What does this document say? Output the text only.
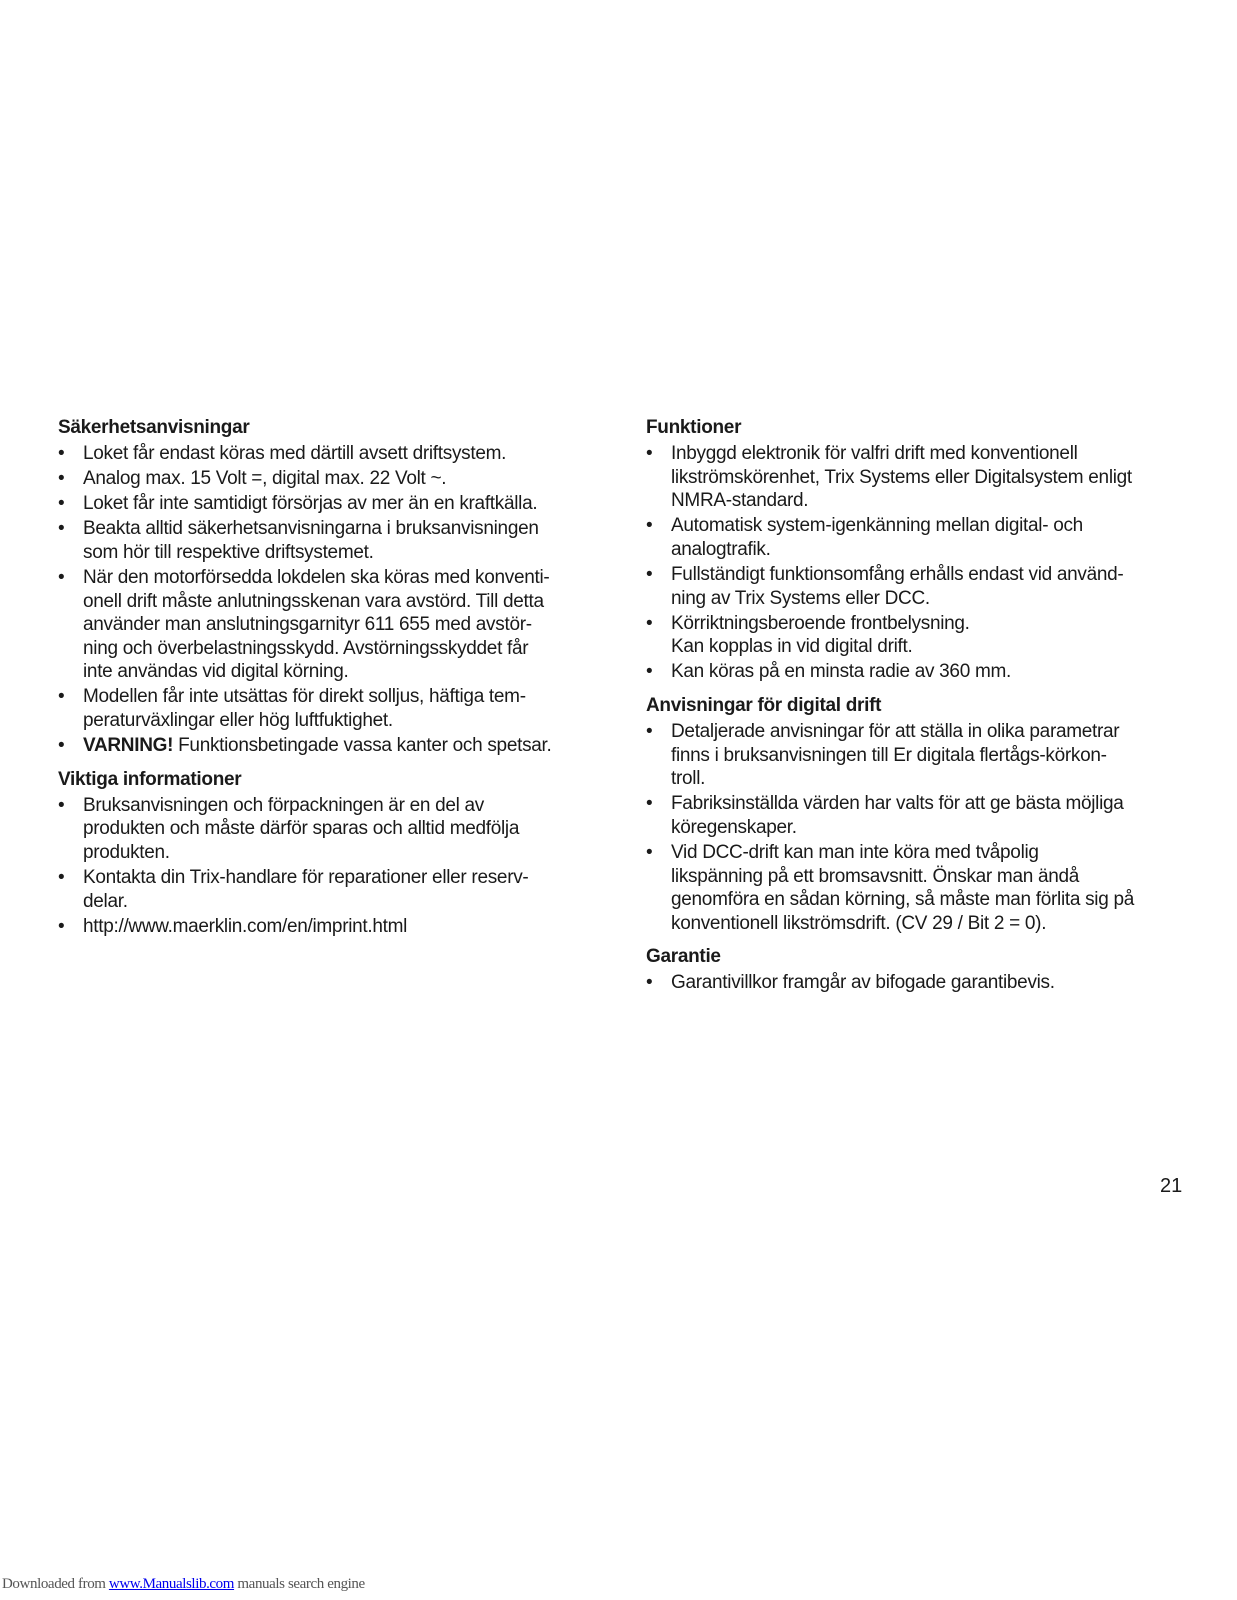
Säkerhetsanvisningar
• Loket får endast köras med därtill avsett driftsystem.
• Analog max. 15 Volt =, digital max. 22 Volt ~.
• Loket får inte samtidigt försörjas av mer än en kraftkälla.
• Beakta alltid säkerhetsanvisningarna i bruksanvisningen
som hör till respektive driftsystemet.
• När den motorförsedda lokdelen ska köras med konventi-
onell drift måste anlutningsskenan vara avstörd. Till detta
använder man anslutningsgarnityr 611 655 med avstör-
ning och överbelastningsskydd. Avstörningsskyddet får
inte användas vid digital körning.
• Modellen får inte utsättas för direkt solljus, häftiga tem-
peraturväxlingar eller hög luftfuktighet.
• VARNING! Funktionsbetingade vassa kanter och spetsar.
Viktiga informationer
• Bruksanvisningen och förpackningen är en del av
produkten och måste därför sparas och alltid medfölja
produkten.
• Kontakta din Trix-handlare för reparationer eller reserv-
delar.
• http://www.maerklin.com/en/imprint.html
Funktioner
• Inbyggd elektronik för valfri drift med konventionell
likströmskörenhet, Trix Systems eller Digitalsystem enligt
NMRA-standard.
• Automatisk system-igenkänning mellan digital- och
analogtrafik.
• Fullständigt funktionsomfång erhålls endast vid använd-
ning av Trix Systems eller DCC.
• Körriktningsberoende frontbelysning.
Kan kopplas in vid digital drift.
• Kan köras på en minsta radie av 360 mm.
Anvisningar för digital drift
• Detaljerade anvisningar för att ställa in olika parametrar
finns i bruksanvisningen till Er digitala flertågs-körkon-
troll.
• Fabriksinställda värden har valts för att ge bästa möjliga
köregenskaper.
• Vid DCC-drift kan man inte köra med tvåpolig
likspänning på ett bromsavsnitt. Önskar man ändå
genomföra en sådan körning, så måste man förlita sig på
konventionell likströmsdrift. (CV 29 / Bit 2 = 0).
Garantie
• Garantivillkor framgår av bifogade garantibevis.
21
Downloaded from www.Manualslib.com manuals search engine
